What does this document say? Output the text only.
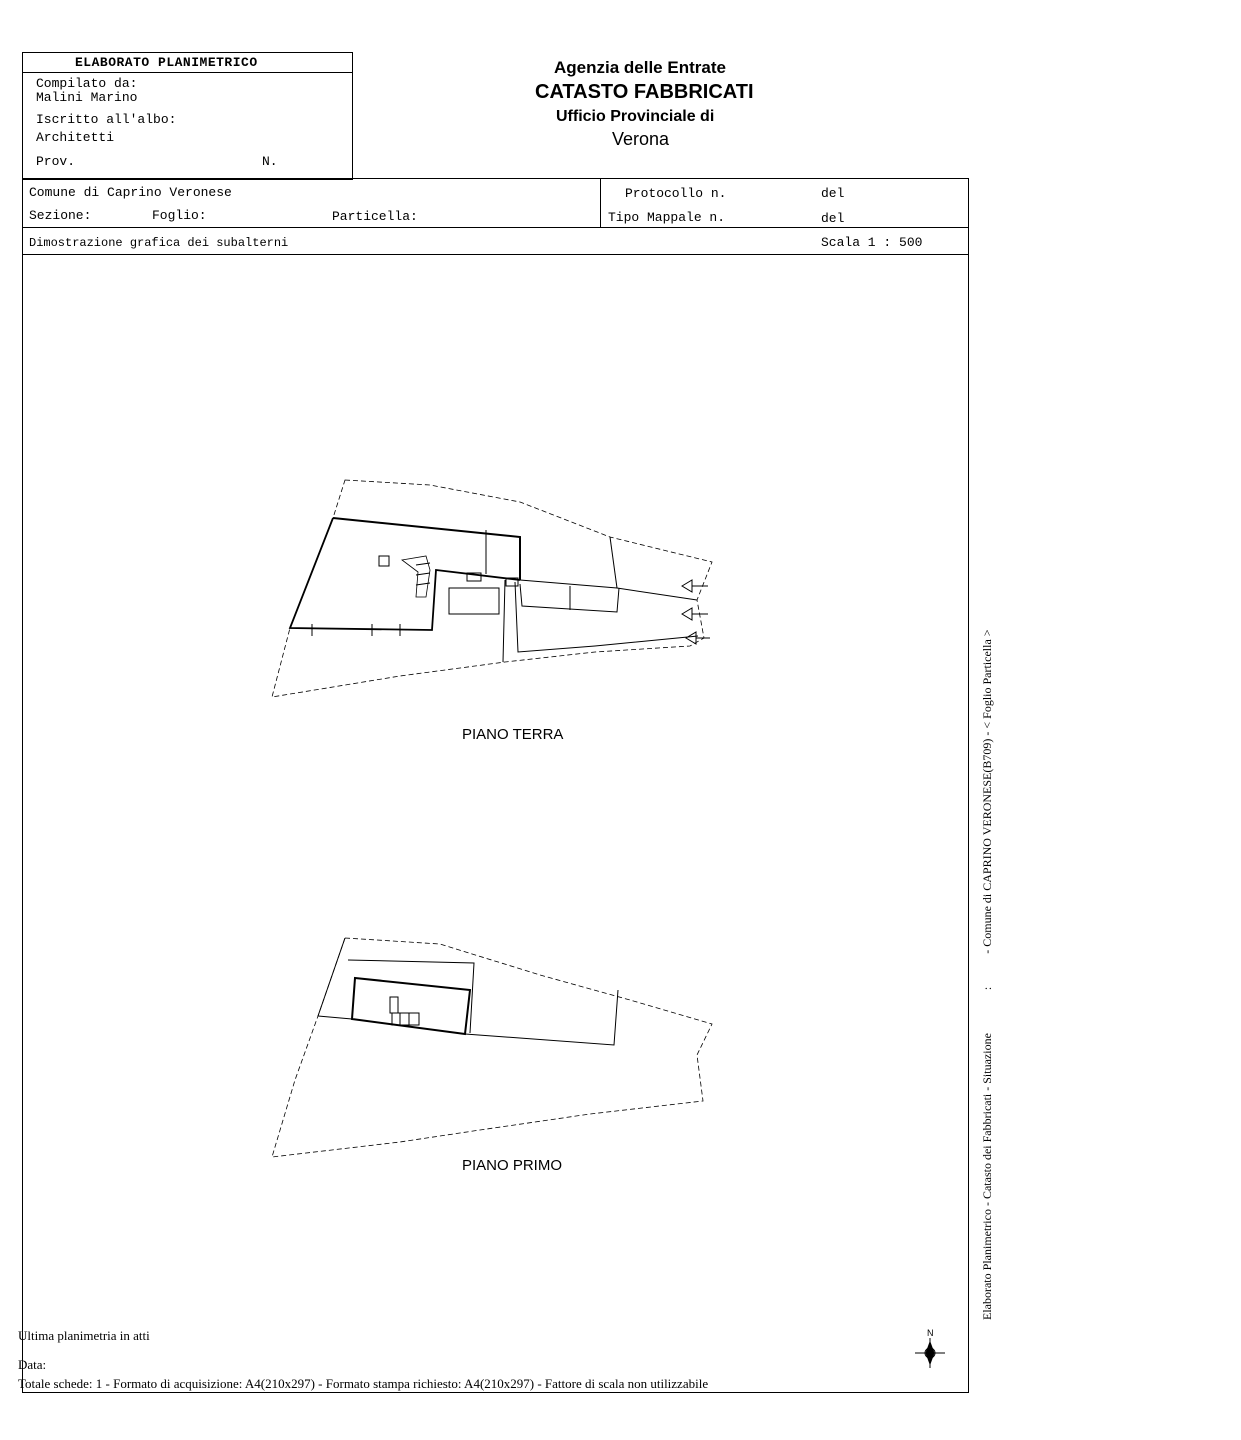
ELABORATO PLANIMETRICO
Compilato da:
Malini Marino
Iscritto all'albo:
Architetti
Prov.	N.
Agenzia delle Entrate
CATASTO FABBRICATI
Ufficio Provinciale di
Verona
Comune di Caprino Veronese
Sezione:	Foglio:	Particella:
Protocollo n.	del
Tipo Mappale n.	del
Dimostrazione grafica dei subalterni	Scala 1 : 500
PIANO TERRA
PIANO PRIMO
Ultima planimetria in atti
Data:
Totale schede: 1 - Formato di acquisizione: A4(210x297) - Formato stampa richiesto: A4(210x297) - Fattore di scala non utilizzabile
N
Elaborato Planimetrico - Catasto dei Fabbricati - Situazione : - Comune di CAPRINO VERONESE(B709) - < Foglio Particella >
